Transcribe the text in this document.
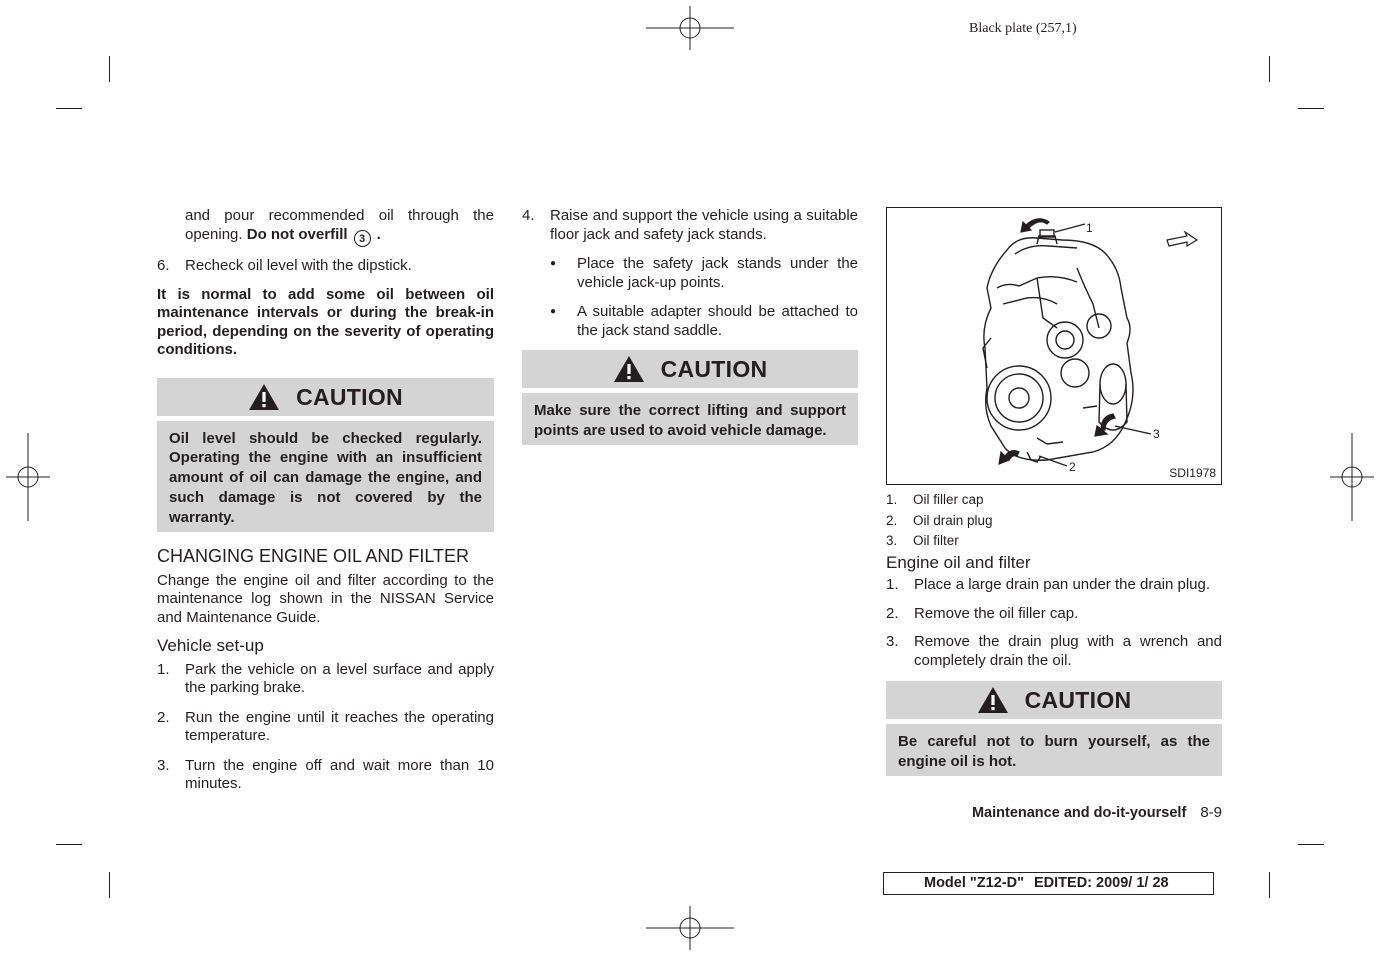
Black plate (257,1)
and pour recommended oil through the opening. Do not overfill 3 .
6. Recheck oil level with the dipstick.
It is normal to add some oil between oil maintenance intervals or during the break-in period, depending on the severity of operating conditions.
CAUTION
Oil level should be checked regularly. Operating the engine with an insufficient amount of oil can damage the engine, and such damage is not covered by the warranty.
CHANGING ENGINE OIL AND FILTER
Change the engine oil and filter according to the maintenance log shown in the NISSAN Service and Maintenance Guide.
Vehicle set-up
1. Park the vehicle on a level surface and apply the parking brake.
2. Run the engine until it reaches the operating temperature.
3. Turn the engine off and wait more than 10 minutes.
4. Raise and support the vehicle using a suitable floor jack and safety jack stands.
● Place the safety jack stands under the vehicle jack-up points.
● A suitable adapter should be attached to the jack stand saddle.
CAUTION
Make sure the correct lifting and support points are used to avoid vehicle damage.
1
3
2	SDI1978
1. Oil filler cap
2. Oil drain plug
3. Oil filter
Engine oil and filter
1. Place a large drain pan under the drain plug.
2. Remove the oil filler cap.
3. Remove the drain plug with a wrench and completely drain the oil.
CAUTION
Be careful not to burn yourself, as the engine oil is hot.
Maintenance and do-it-yourself 8-9
Model "Z12-D" EDITED: 2009/ 1/ 28
